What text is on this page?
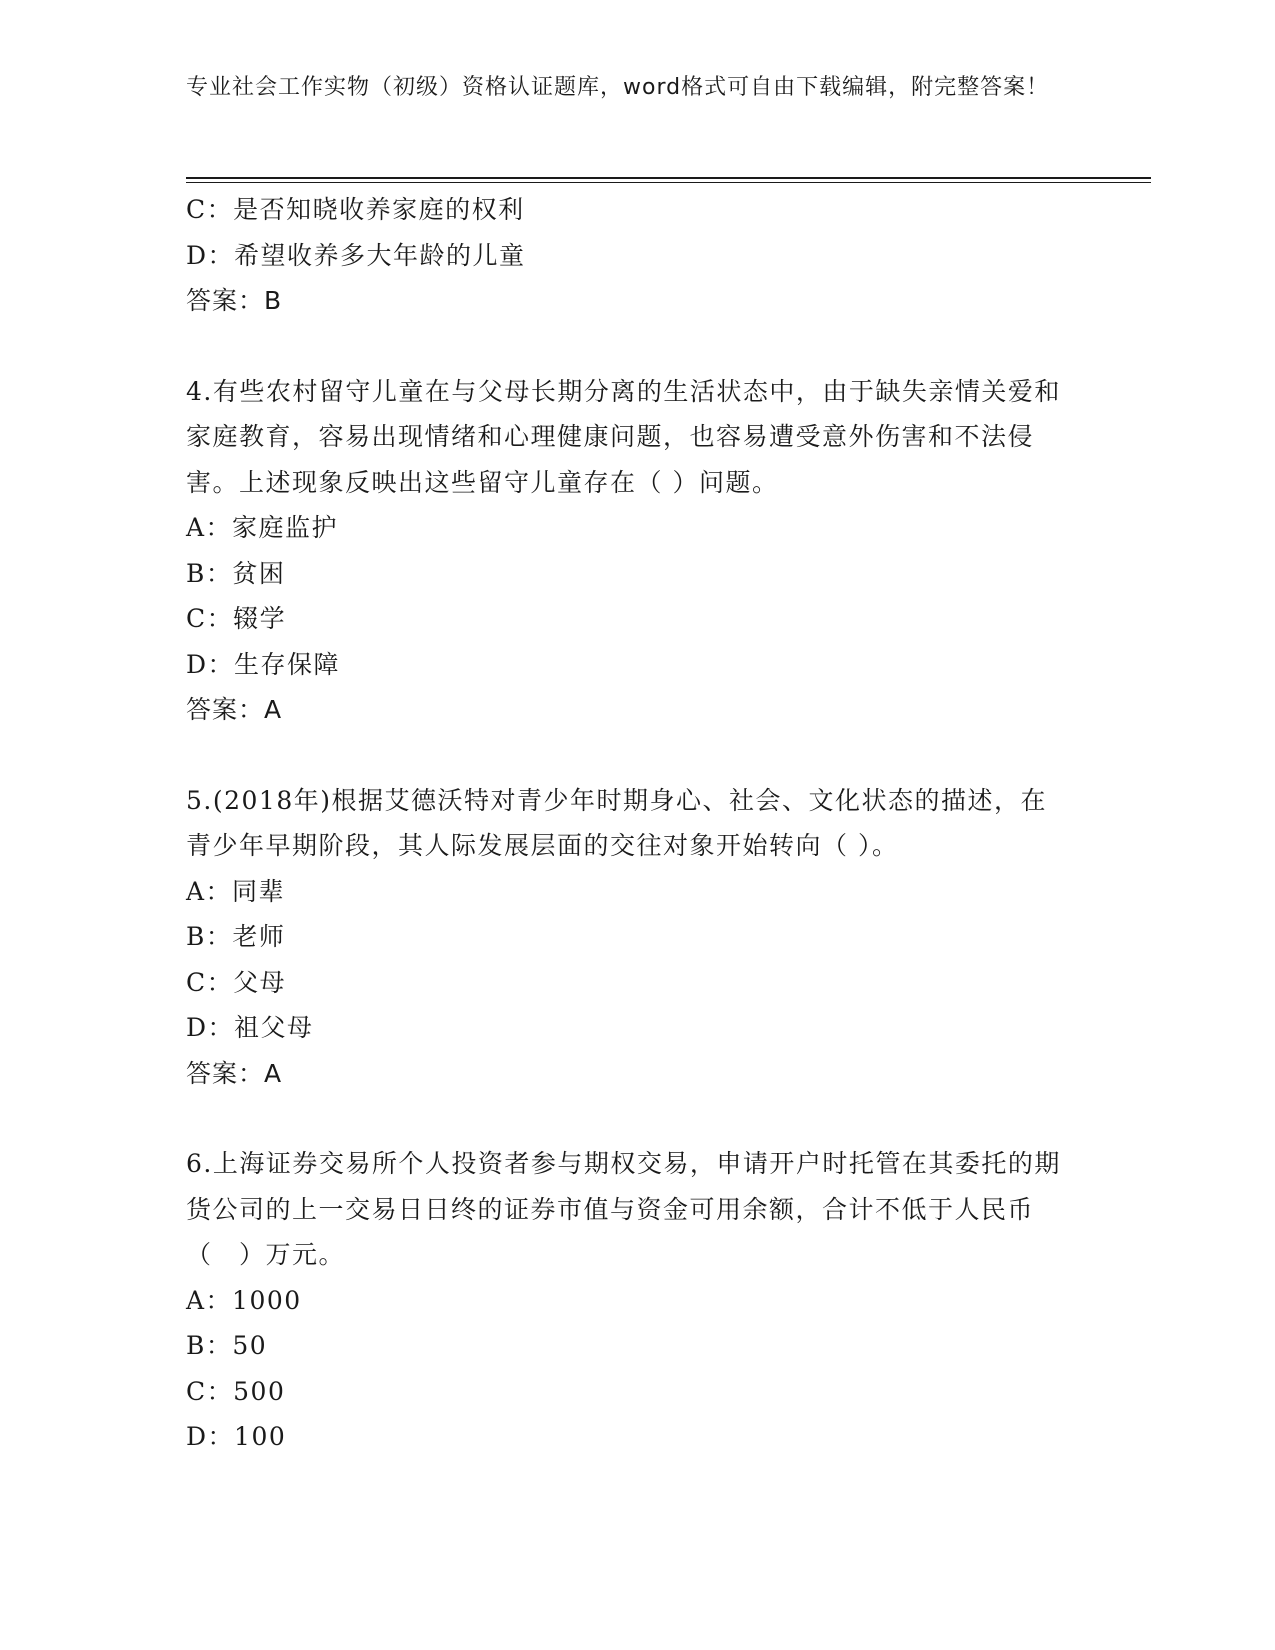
专业社会工作实物（初级）资格认证题库，word格式可自由下载编辑，附完整答案！
C：是否知晓收养家庭的权利
D：希望收养多大年龄的儿童
答案：B
4.有些农村留守儿童在与父母长期分离的生活状态中，由于缺失亲情关爱和家庭教育，容易出现情绪和心理健康问题，也容易遭受意外伤害和不法侵害。上述现象反映出这些留守儿童存在（ ）问题。
A：家庭监护
B：贫困
C：辍学
D：生存保障
答案：A
5.(2018年)根据艾德沃特对青少年时期身心、社会、文化状态的描述，在青少年早期阶段，其人际发展层面的交往对象开始转向（ ）。
A：同辈
B：老师
C：父母
D：祖父母
答案：A
6.上海证券交易所个人投资者参与期权交易，申请开户时托管在其委托的期货公司的上一交易日日终的证券市值与资金可用余额，合计不低于人民币（　）万元。
A：1000
B：50
C：500
D：100
